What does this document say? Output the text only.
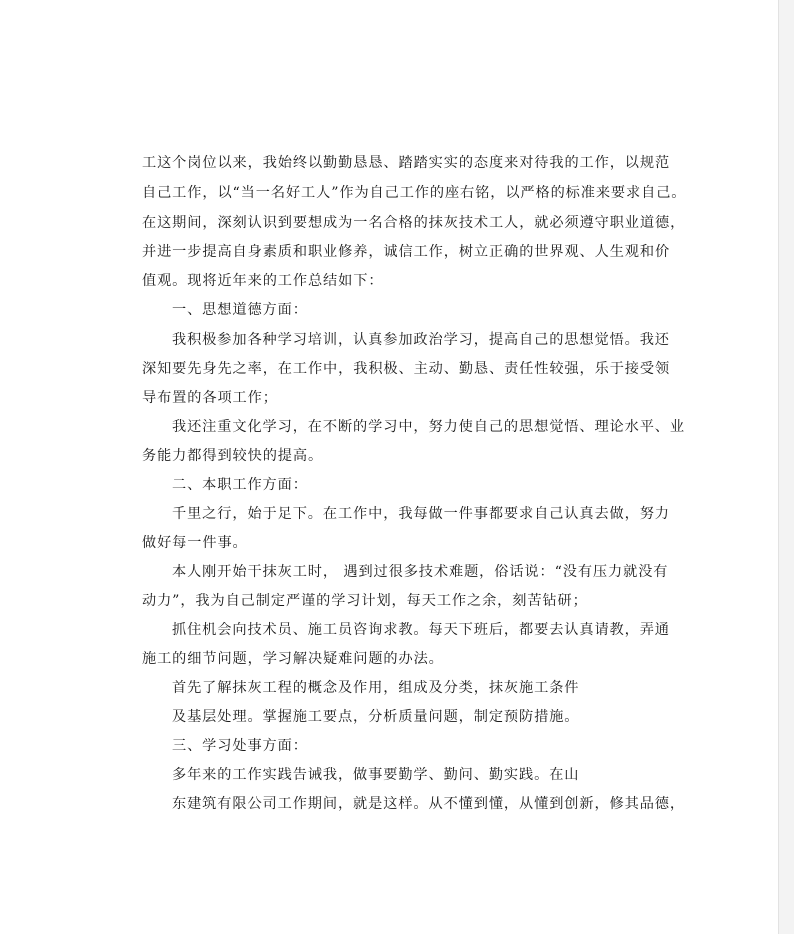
工这个岗位以来，我始终以勤勤恳恳、踏踏实实的态度来对待我的工作，以规范
自己工作，以“当一名好工人”作为自己工作的座右铭，以严格的标准来要求自己。
在这期间，深刻认识到要想成为一名合格的抹灰技术工人，就必须遵守职业道德，
并进一步提高自身素质和职业修养，诚信工作，树立正确的世界观、人生观和价
值观。现将近年来的工作总结如下：
一、思想道德方面：
我积极参加各种学习培训，认真参加政治学习，提高自己的思想觉悟。我还
深知要先身先之率，在工作中，我积极、主动、勤恳、责任性较强，乐于接受领
导布置的各项工作；
我还注重文化学习，在不断的学习中，努力使自己的思想觉悟、理论水平、业
务能力都得到较快的提高。
二、本职工作方面：
千里之行，始于足下。在工作中，我每做一件事都要求自己认真去做，努力
做好每一件事。
本人刚开始干抹灰工时， 遇到过很多技术难题，俗话说：“没有压力就没有
动力”，我为自己制定严谨的学习计划，每天工作之余，刻苦钻研；
抓住机会向技术员、施工员咨询求教。每天下班后，都要去认真请教，弄通
施工的细节问题，学习解决疑难问题的办法。
首先了解抹灰工程的概念及作用，组成及分类，抹灰施工条件
及基层处理。掌握施工要点，分析质量问题，制定预防措施。
三、学习处事方面：
多年来的工作实践告诫我，做事要勤学、勤问、勤实践。在山
东建筑有限公司工作期间，就是这样。从不懂到懂，从懂到创新，修其品德，
